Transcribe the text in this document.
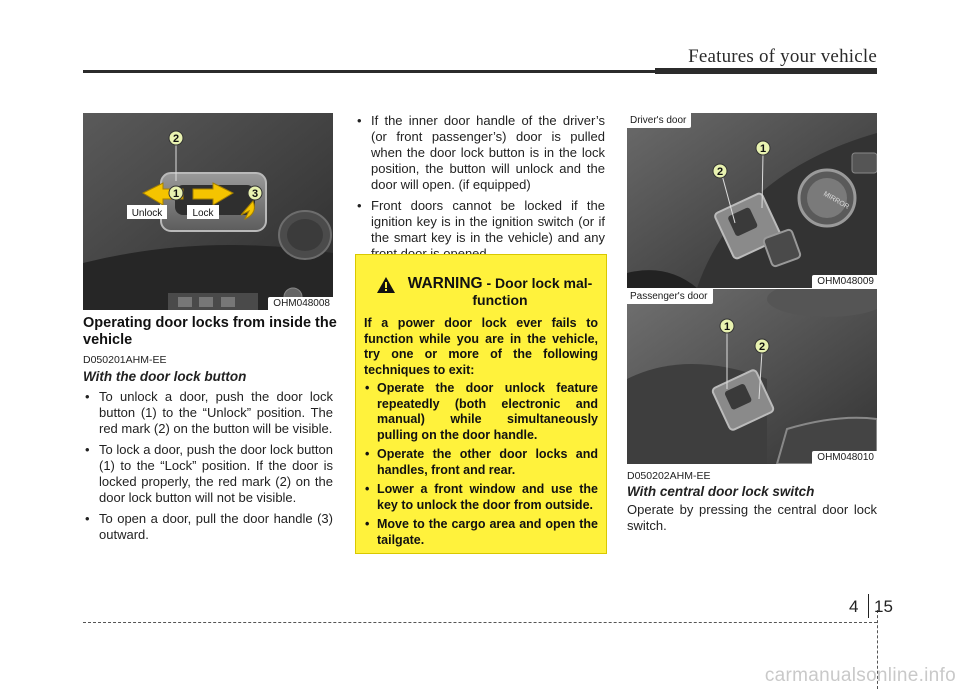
Features of your vehicle
2
1	3
Unlock	Lock
OHM048008
Operating door locks from inside the vehicle
D050201AHM-EE
With the door lock button
• To unlock a door, push the door lock button (1) to the “Unlock” position. The red mark (2) on the button will be visible.
• To lock a door, push the door lock button (1) to the “Lock” position. If the door is locked properly, the red mark (2) on the door lock button will not be visible.
• To open a door, pull the door handle (3) outward.
• If the inner door handle of the driver’s (or front passenger’s) door is pulled when the door lock button is in the lock position, the button will unlock and the door will open. (if equipped)
• Front doors cannot be locked if the ignition key is in the ignition switch (or if the smart key is in the vehicle) and any
WARNING - Door lock mal-function
If a power door lock ever fails to function while you are in the vehicle, try one or more of the following techniques to exit:
• Operate the door unlock feature repeatedly (both electronic and manual) while simultaneously pulling on the door handle.
• Operate the other door locks and handles, front and rear.
• Lower a front window and use the key to unlock the door from outside.
• Move to the cargo area and open the tailgate.
MIRROR
2
1
Driver's door
OHM048009
1
2
Passenger's door
OHM048010
D050202AHM-EE
With central door lock switch
Operate by pressing the central door lock switch.
4 15
carmanualsonline.info
